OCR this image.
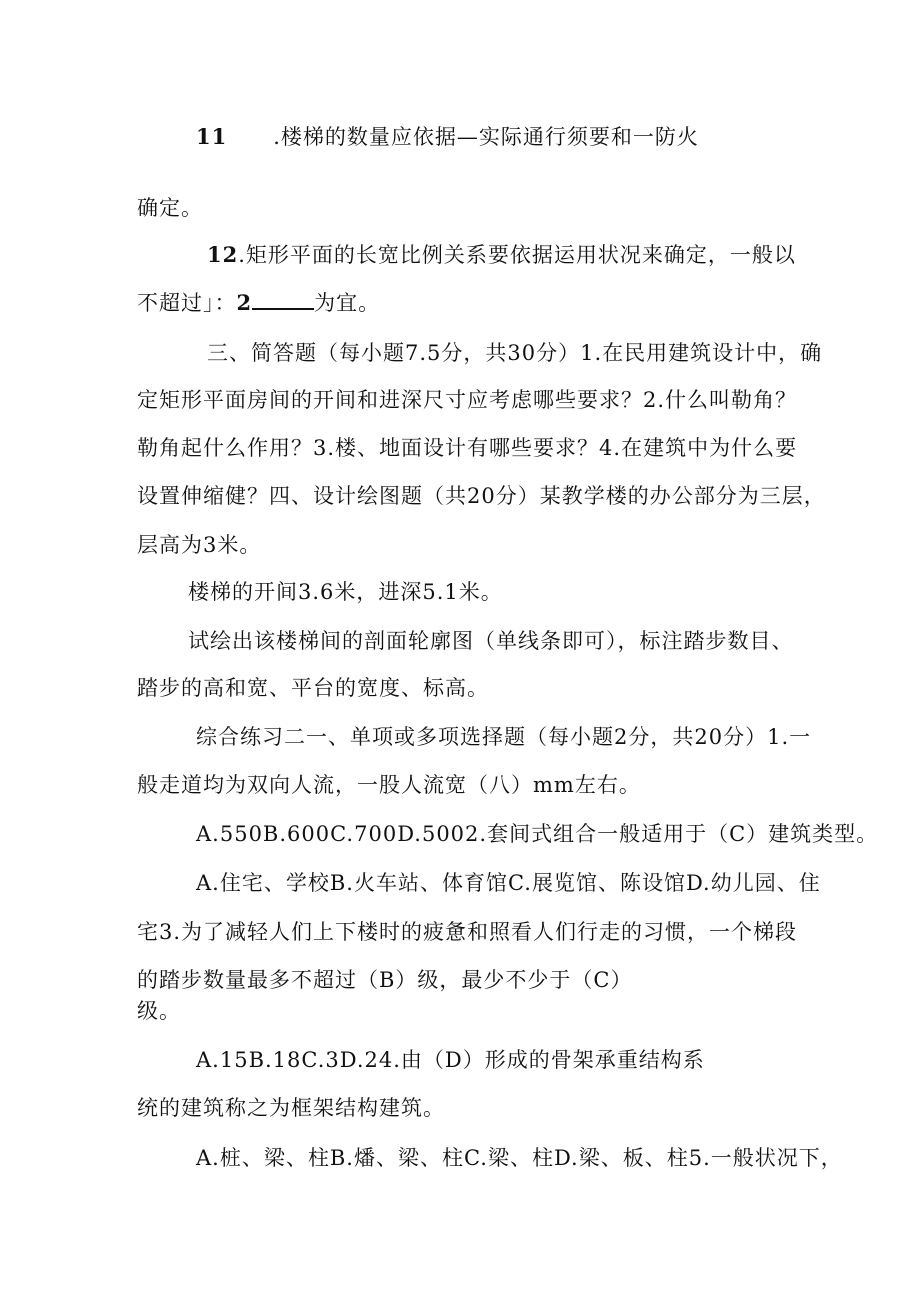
11 .楼梯的数量应依据—实际通行须要和一防火
确定。
12.矩形平面的长宽比例关系要依据运用状况来确定，一般以
不超过」：2	为宜。
三、简答题（每小题7.5分，共30分）1.在民用建筑设计中，确
定矩形平面房间的开间和进深尺寸应考虑哪些要求？2.什么叫勒角？
勒角起什么作用？3.楼、地面设计有哪些要求？4.在建筑中为什么要
设置伸缩健？四、设计绘图题（共20分）某教学楼的办公部分为三层，
层高为3米。
楼梯的开间3.6米，进深5.1米。
试绘出该楼梯间的剖面轮廓图（单线条即可），标注踏步数目、
踏步的高和宽、平台的宽度、标高。
综合练习二一、单项或多项选择题（每小题2分，共20分）1.一
般走道均为双向人流，一股人流宽（八）mm左右。
A.550B.600C.700D.5002.套间式组合一般适用于（C）建筑类型。
A.住宅、学校B.火车站、体育馆C.展览馆、陈设馆D.幼儿园、住
宅3.为了减轻人们上下楼时的疲惫和照看人们行走的习惯，一个梯段
的踏步数量最多不超过（B）级，最少不少于（C）
级。
A.15B.18C.3D.24.由（D）形成的骨架承重结构系
统的建筑称之为框架结构建筑。
A.桩、梁、柱B.燔、梁、柱C.梁、柱D.梁、板、柱5.一般状况下，
